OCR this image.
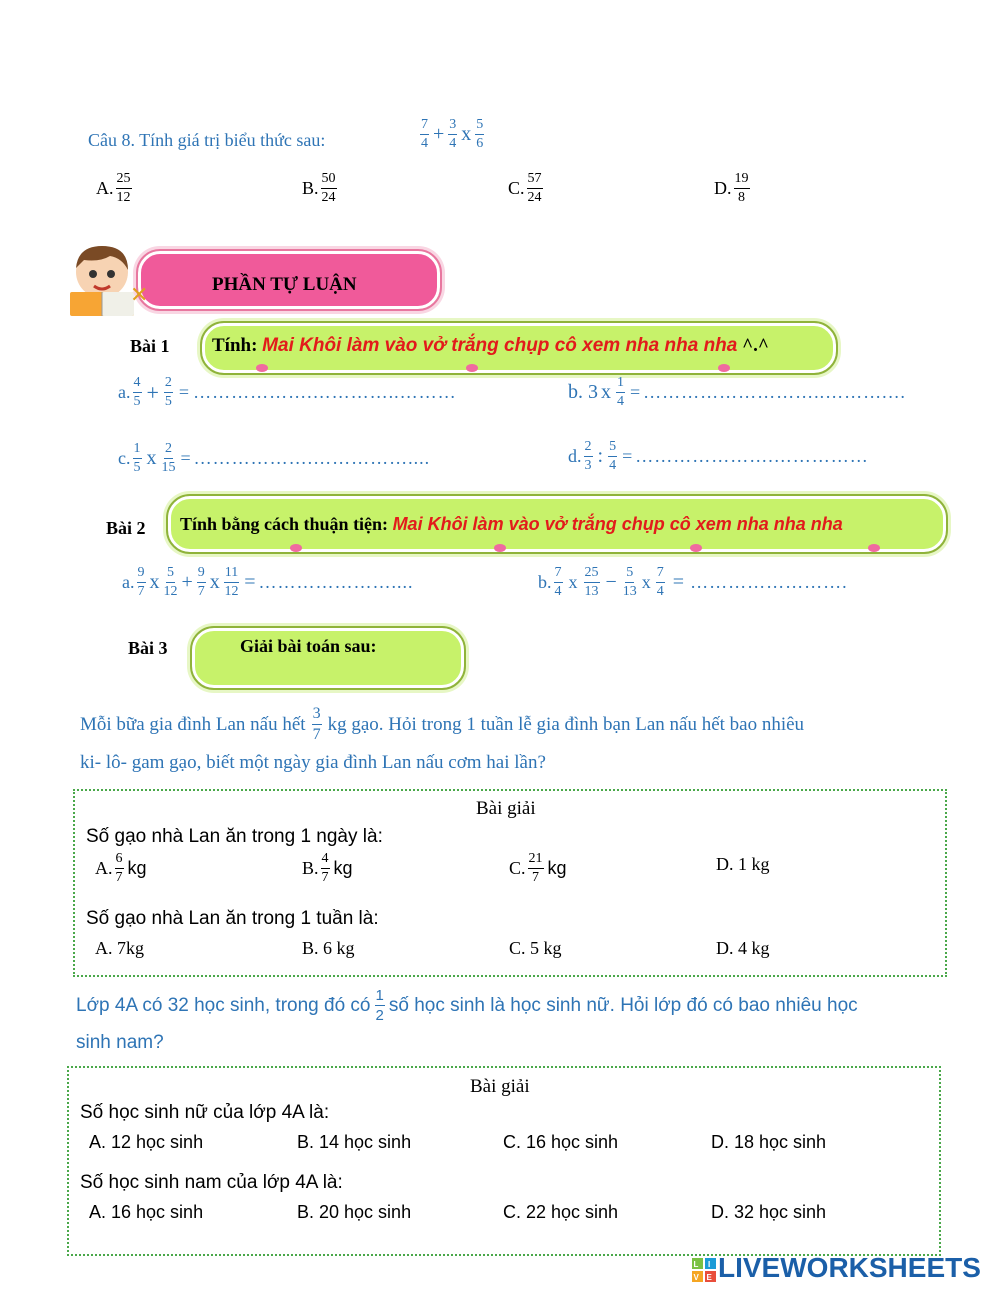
Câu 8. Tính giá trị biểu thức sau:	$\frac{7}{4} + \frac{3}{4}$ x $\frac{5}{6}$
A. $\frac{25}{12}$	B. $\frac{50}{24}$	C. $\frac{57}{24}$	D. $\frac{19}{8}$
PHẦN TỰ LUẬN
✕
Bài 1 Tính: Mai Khôi làm vào vở trắng chụp cô xem nha nha nha ^.^
a. $\frac{4}{5} + \frac{2}{5}$ = ……………….…………..………	b. 3 x $\frac{1}{4}$ = ………………………..……….…
c. $\frac{1}{5}$ x $\frac{2}{15}$ = ……………….……………....	d. $\frac{2}{3}$ : $\frac{5}{4}$ = ………………….……………
Bài 2 Tính bằng cách thuận tiện: Mai Khôi làm vào vở trắng chụp cô xem nha nha nha
a. $\frac{9}{7}$ x $\frac{5}{12} + \frac{9}{7}$ x $\frac{11}{12}$ = …………………....	b. $\frac{7}{4}$ x $\frac{25}{13} - \frac{5}{13}$ x $\frac{7}{4}$ = …………………….
Bài 3	Giải bài toán sau:
Mỗi bữa gia đình Lan nấu hết $\frac{3}{7}$ kg gạo. Hỏi trong 1 tuần lễ gia đình bạn Lan nấu hết bao nhiêu
ki- lô- gam gạo, biết một ngày gia đình Lan nấu cơm hai lần?
Bài giải
Số gạo nhà Lan ăn trong 1 ngày là:
A. $\frac{6}{7}$ kg	B. $\frac{4}{7}$ kg	C. $\frac{21}{7}$ kg	D. 1 kg
Số gạo nhà Lan ăn trong 1 tuần là:
A. 7kg	B. 6 kg	C. 5 kg	D. 4 kg
Lớp 4A có 32 học sinh, trong đó có $\frac{1}{2}$ số học sinh là học sinh nữ. Hỏi lớp đó có bao nhiêu học
sinh nam?
Bài giải
Số học sinh nữ của lớp 4A là:
A. 12 học sinh	B. 14 học sinh	C. 16 học sinh	D. 18 học sinh
Số học sinh nam của lớp 4A là:
A. 16 học sinh	B. 20 học sinh	C. 22 học sinh	D. 32 học sinh
L I
V E LIVEWORKSHEETS
